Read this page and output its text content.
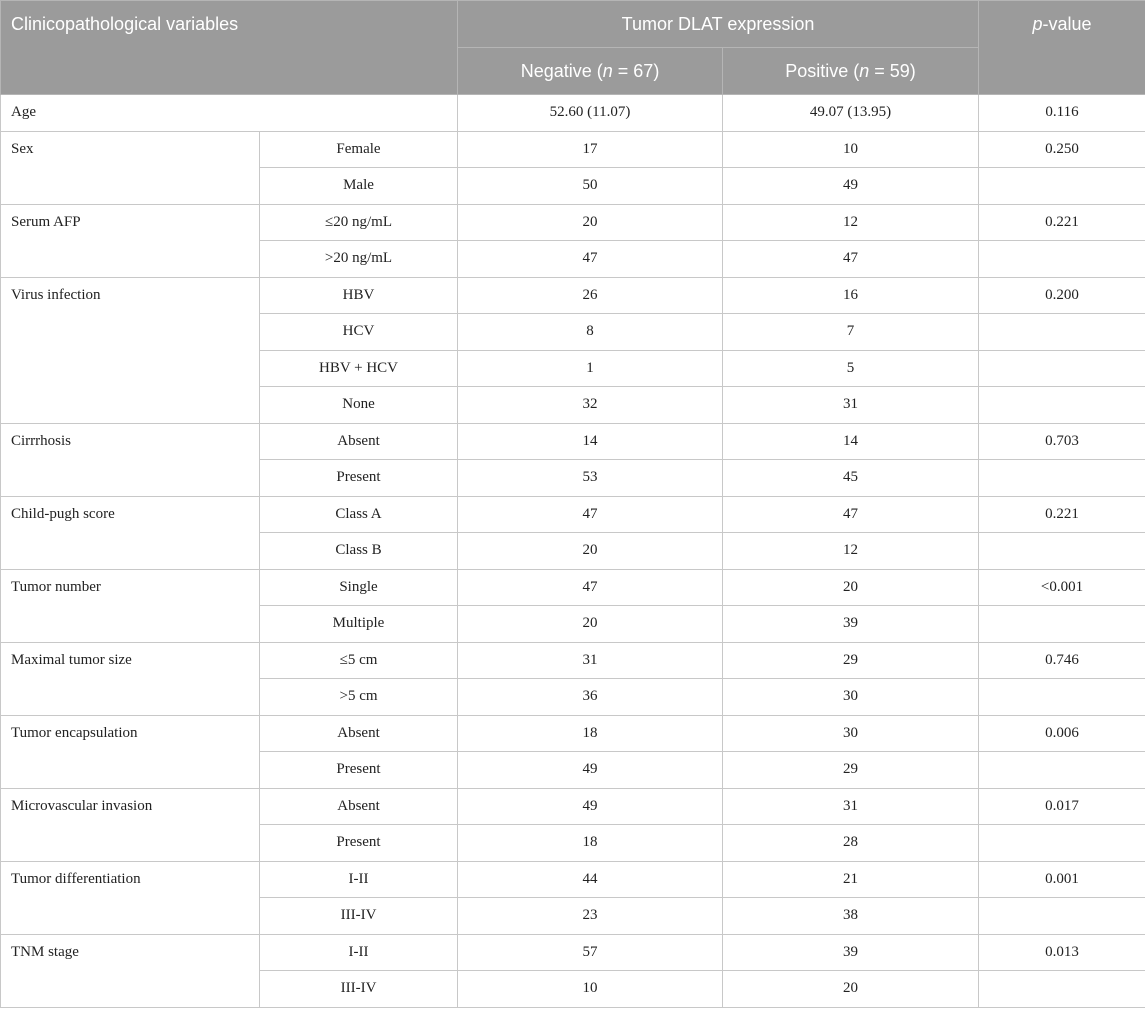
Clinicopathological variables		Tumor DLAT expression		p-value
		Negative (n = 67)	Positive (n = 59)	
Age		52.60 (11.07)	49.07 (13.95)	0.116
Sex	Female	17	10	0.250
	Male	50	49	
Serum AFP	≤20 ng/mL	20	12	0.221
	>20 ng/mL	47	47	
Virus infection	HBV	26	16	0.200
	HCV	8	7	
	HBV + HCV	1	5	
	None	32	31	
Cirrrhosis	Absent	14	14	0.703
	Present	53	45	
Child-pugh score	Class A	47	47	0.221
	Class B	20	12	
Tumor number	Single	47	20	<0.001
	Multiple	20	39	
Maximal tumor size	≤5 cm	31	29	0.746
	>5 cm	36	30	
Tumor encapsulation	Absent	18	30	0.006
	Present	49	29	
Microvascular invasion	Absent	49	31	0.017
	Present	18	28	
Tumor differentiation	I-II	44	21	0.001
	III-IV	23	38	
TNM stage	I-II	57	39	0.013
	III-IV	10	20	
